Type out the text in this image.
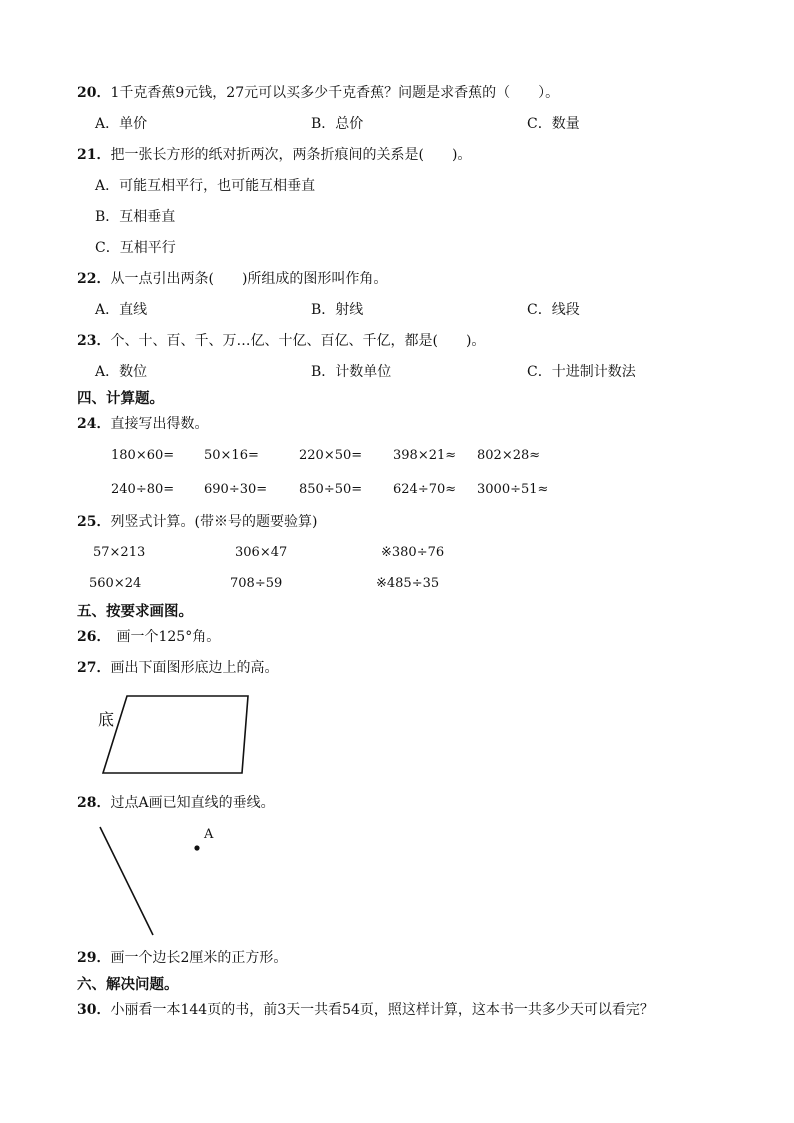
20．1千克香蕉9元钱，27元可以买多少千克香蕉？问题是求香蕉的（　　）。
A．单价	B．总价	C．数量
21．把一张长方形的纸对折两次，两条折痕间的关系是(　　)。
A．可能互相平行，也可能互相垂直
B．互相垂直
C．互相平行
22．从一点引出两条(　　)所组成的图形叫作角。
A．直线	B．射线	C．线段
23．个、十、百、千、万…亿、十亿、百亿、千亿，都是(　　)。
A．数位	B．计数单位	C．十进制计数法
四、计算题。
24．直接写出得数。
180×60= 50×16=	220×50= 398×21≈ 802×28≈
240÷80= 690÷30= 850÷50= 624÷70≈ 3000÷51≈
25．列竖式计算。(带※号的题要验算)
57×213	306×47	※380÷76
560×24	708÷59	※485÷35
五、按要求画图。
26． 画一个125°角。
27．画出下面图形底边上的高。
底
28．过点A画已知直线的垂线。
A
29．画一个边长2厘米的正方形。
六、解决问题。
30．小丽看一本144页的书，前3天一共看54页，照这样计算，这本书一共多少天可以看完？
